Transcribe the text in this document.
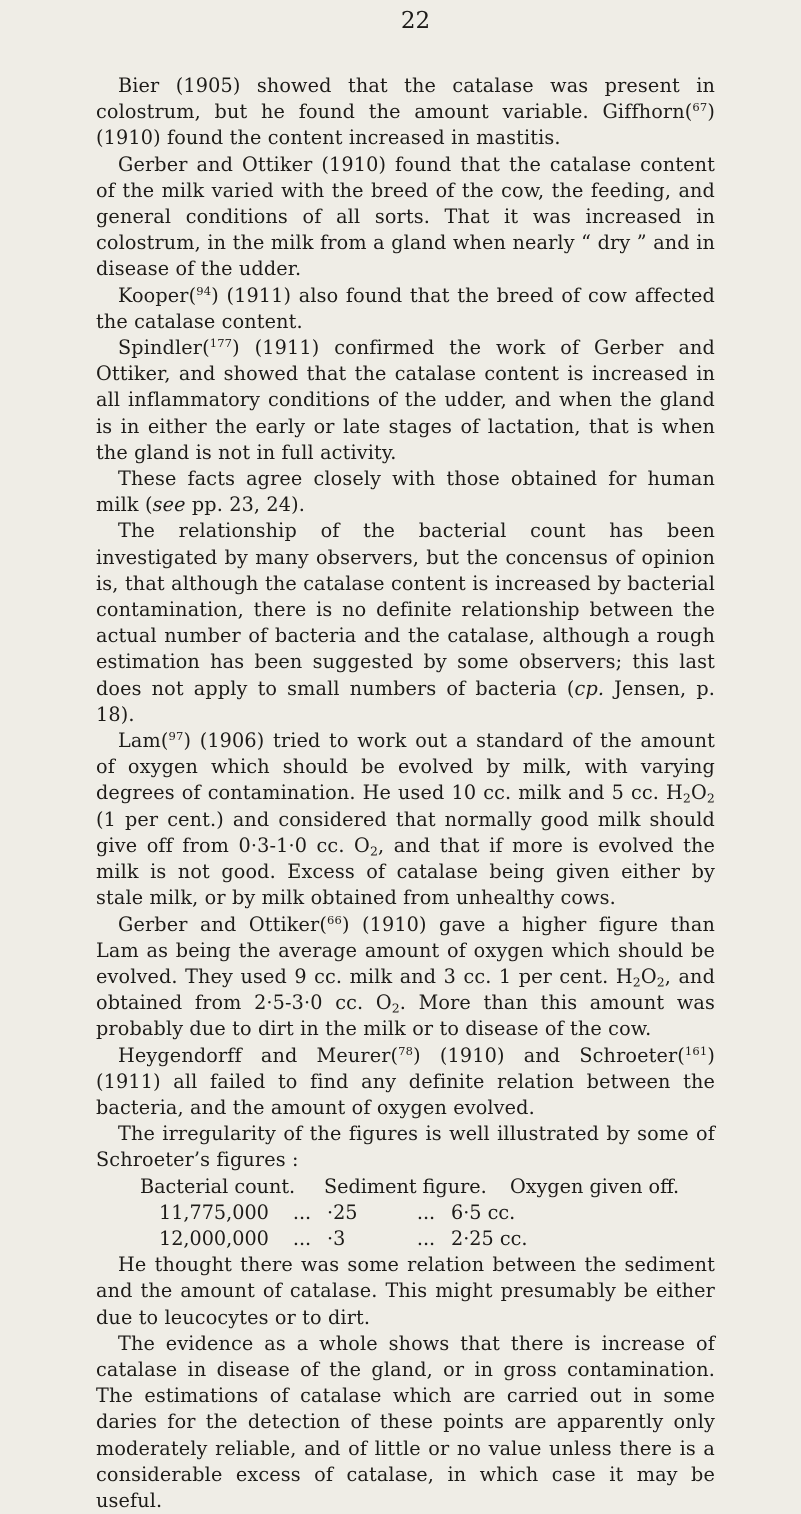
22

Bier (1905) showed that the catalase was present in colostrum, but he found the amount variable. Giffhorn($^{67}$) (1910) found the content increased in mastitis.

Gerber and Ottiker (1910) found that the catalase content of the milk varied with the breed of the cow, the feeding, and general conditions of all sorts. That it was increased in colostrum, in the milk from a gland when nearly “ dry ” and in disease of the udder.

Kooper($^{94}$) (1911) also found that the breed of cow affected the catalase content.

Spindler($^{177}$) (1911) confirmed the work of Gerber and Ottiker, and showed that the catalase content is increased in all inflammatory conditions of the udder, and when the gland is in either the early or late stages of lactation, that is when the gland is not in full activity.

These facts agree closely with those obtained for human milk (see pp. 23, 24).

The relationship of the bacterial count has been investigated by many observers, but the concensus of opinion is, that although the catalase content is increased by bacterial contamination, there is no definite relationship between the actual number of bacteria and the catalase, although a rough estimation has been suggested by some observers; this last does not apply to small numbers of bacteria (cp. Jensen, p. 18).

Lam($^{97}$) (1906) tried to work out a standard of the amount of oxygen which should be evolved by milk, with varying degrees of contamination. He used 10 cc. milk and 5 cc. $H_2O_2$ (1 per cent.) and considered that normally good milk should give off from 0·3-1·0 cc. $O_2$, and that if more is evolved the milk is not good. Excess of catalase being given either by stale milk, or by milk obtained from unhealthy cows.

Gerber and Ottiker($^{66}$) (1910) gave a higher figure than Lam as being the average amount of oxygen which should be evolved. They used 9 cc. milk and 3 cc. 1 per cent. $H_2O_2$, and obtained from 2·5-3·0 cc. $O_2$. More than this amount was probably due to dirt in the milk or to disease of the cow.

Heygendorff and Meurer($^{78}$) (1910) and Schroeter($^{161}$) (1911) all failed to find any definite relation between the bacteria, and the amount of oxygen evolved.

The irregularity of the figures is well illustrated by some of Schroeter’s figures :

Bacterial count.	Sediment figure.	Oxygen given off.
11,775,000	... ·25	... 6·5 cc.
12,000,000	... ·3	... 2·25 cc.

He thought there was some relation between the sediment and the amount of catalase. This might presumably be either due to leucocytes or to dirt.

The evidence as a whole shows that there is increase of catalase in disease of the gland, or in gross contamination. The estimations of catalase which are carried out in some daries for the detection of these points are apparently only moderately reliable, and of little or no value unless there is a considerable excess of catalase, in which case it may be useful.
